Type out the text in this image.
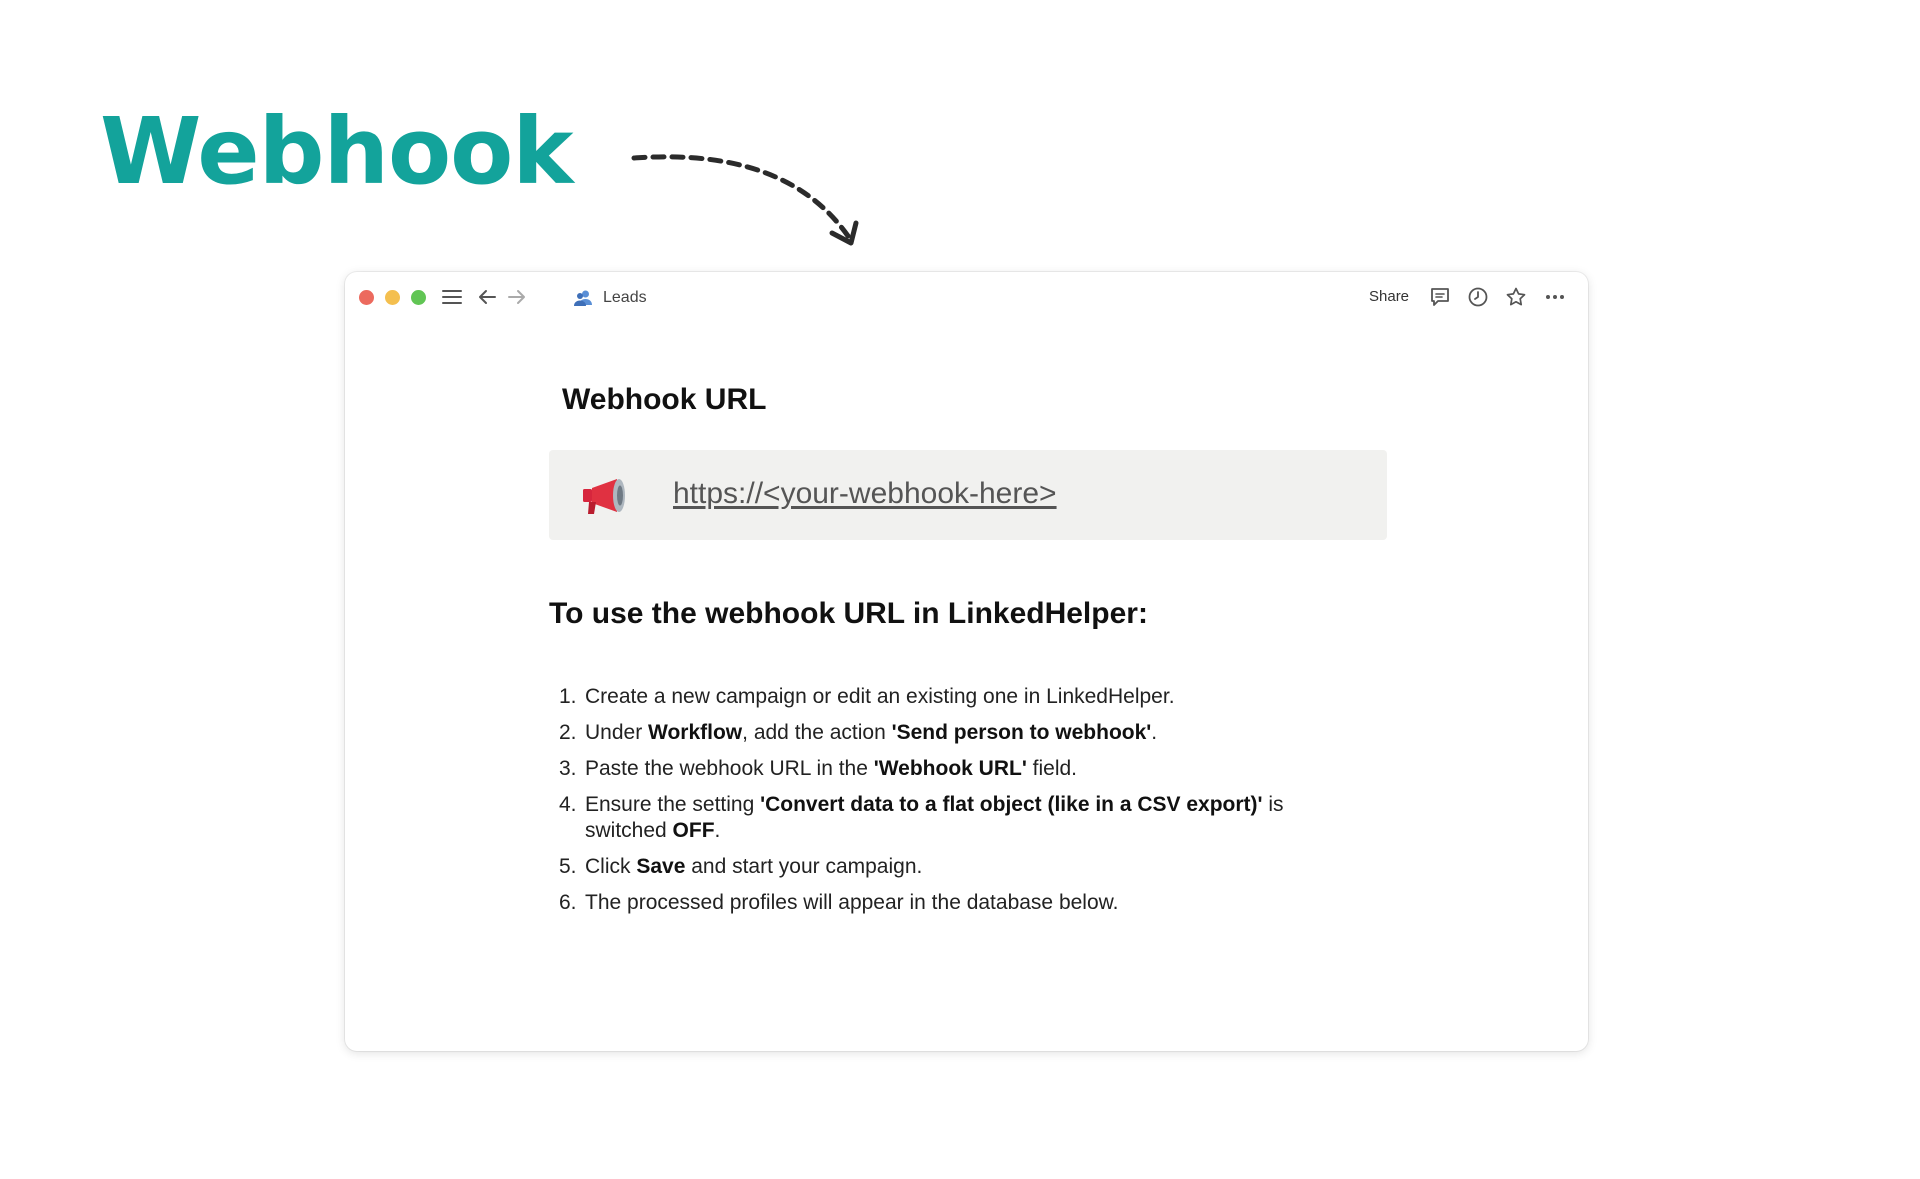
Webhook
Leads	Share
Webhook URL
https://<your-webhook-here>
To use the webhook URL in LinkedHelper:
1. Create a new campaign or edit an existing one in LinkedHelper.
2. Under Workflow, add the action 'Send person to webhook'.
3. Paste the webhook URL in the 'Webhook URL' field.
4. Ensure the setting 'Convert data to a flat object (like in a CSV export)' is switched OFF.
5. Click Save and start your campaign.
6. The processed profiles will appear in the database below.
